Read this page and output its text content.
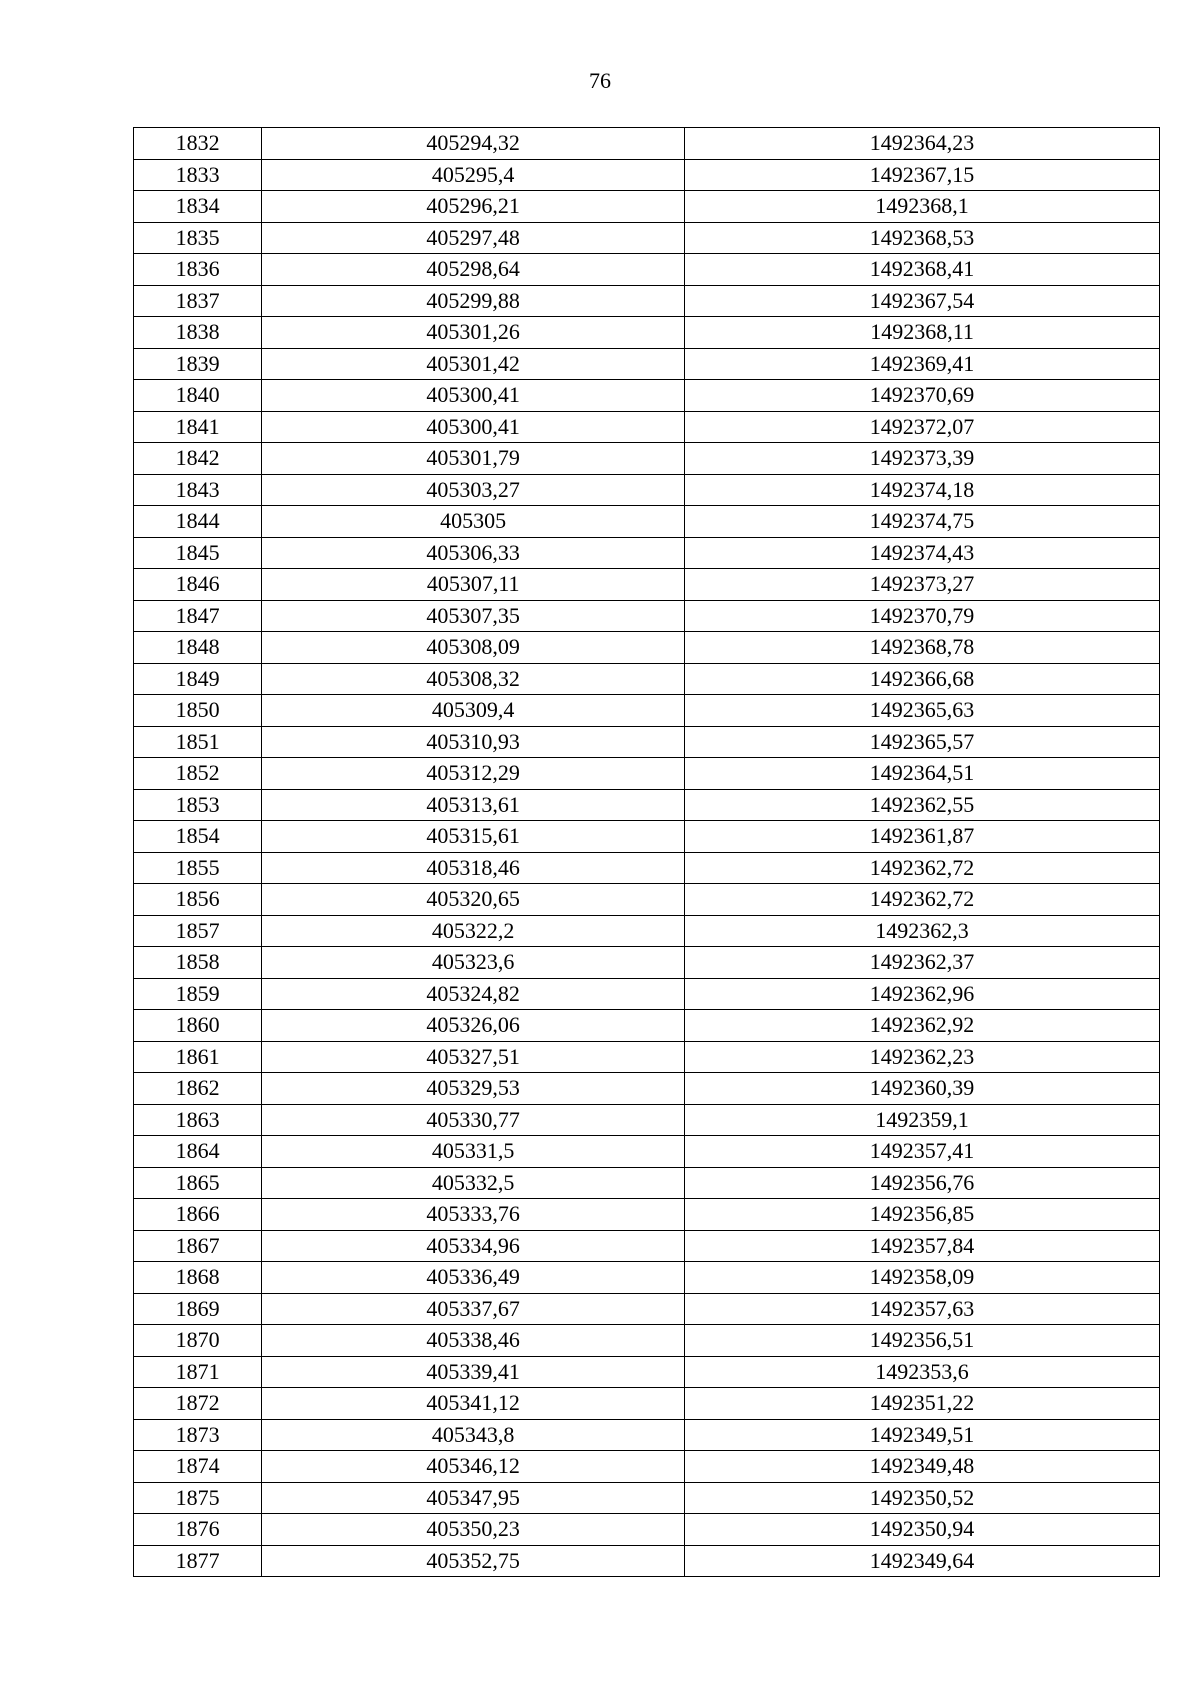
76
1832	405294,32	1492364,23
1833	405295,4	1492367,15
1834	405296,21	1492368,1
1835	405297,48	1492368,53
1836	405298,64	1492368,41
1837	405299,88	1492367,54
1838	405301,26	1492368,11
1839	405301,42	1492369,41
1840	405300,41	1492370,69
1841	405300,41	1492372,07
1842	405301,79	1492373,39
1843	405303,27	1492374,18
1844	405305	1492374,75
1845	405306,33	1492374,43
1846	405307,11	1492373,27
1847	405307,35	1492370,79
1848	405308,09	1492368,78
1849	405308,32	1492366,68
1850	405309,4	1492365,63
1851	405310,93	1492365,57
1852	405312,29	1492364,51
1853	405313,61	1492362,55
1854	405315,61	1492361,87
1855	405318,46	1492362,72
1856	405320,65	1492362,72
1857	405322,2	1492362,3
1858	405323,6	1492362,37
1859	405324,82	1492362,96
1860	405326,06	1492362,92
1861	405327,51	1492362,23
1862	405329,53	1492360,39
1863	405330,77	1492359,1
1864	405331,5	1492357,41
1865	405332,5	1492356,76
1866	405333,76	1492356,85
1867	405334,96	1492357,84
1868	405336,49	1492358,09
1869	405337,67	1492357,63
1870	405338,46	1492356,51
1871	405339,41	1492353,6
1872	405341,12	1492351,22
1873	405343,8	1492349,51
1874	405346,12	1492349,48
1875	405347,95	1492350,52
1876	405350,23	1492350,94
1877	405352,75	1492349,64
